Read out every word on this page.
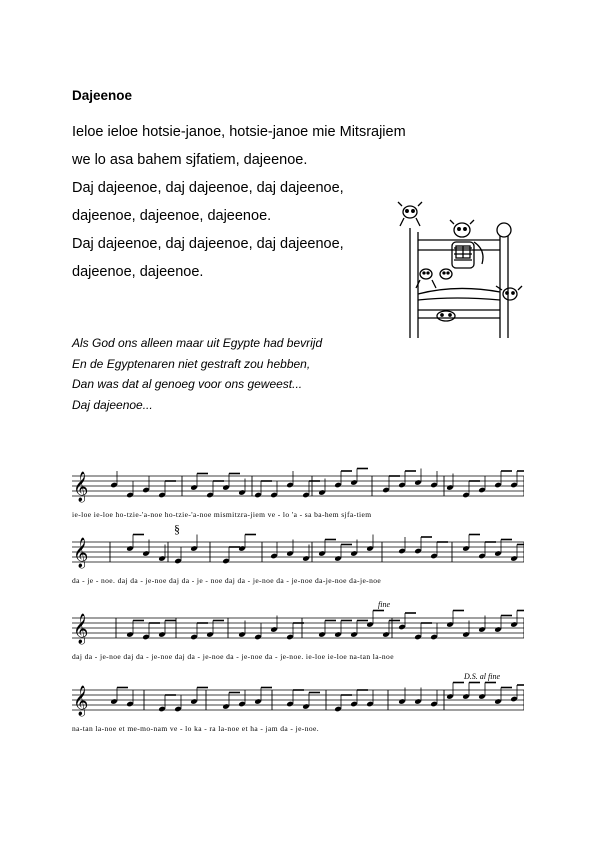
Dajeenoe
Ieloe ieloe hotsie-janoe, hotsie-janoe mie Mitsrajiem
we lo asa bahem sjfatiem, dajeenoe.
Daj dajeenoe, daj dajeenoe, daj dajeenoe,
dajeenoe, dajeenoe, dajeenoe.
Daj dajeenoe, daj dajeenoe, daj dajeenoe,
dajeenoe, dajeenoe.
Als God ons alleen maar uit Egypte had bevrijd
En de Egyptenaren niet gestraft zou hebben,
Dan was dat al genoeg voor ons geweest...
Daj dajeenoe...
𝄞
ie-loe ie-loe ho-tzie-'a-noe ho-tzie-'a-noe mismitzra-jiem ve - lo 'a - sa ba-hem sjfa-tiem
𝄞
da - je - noe. daj da - je-noe daj da - je - noe daj da - je-noe da - je-noe da-je-noe da-je-noe
§
𝄞
daj da - je-noe daj da - je-noe daj da - je-noe da - je-noe da - je-noe. ie-loe ie-loe na-tan la-noe
fine
𝄞
na-tan la-noe et me-mo-nam ve - lo ka - ra la-noe et ha - jam da - je-noe.
D.S. al fine
